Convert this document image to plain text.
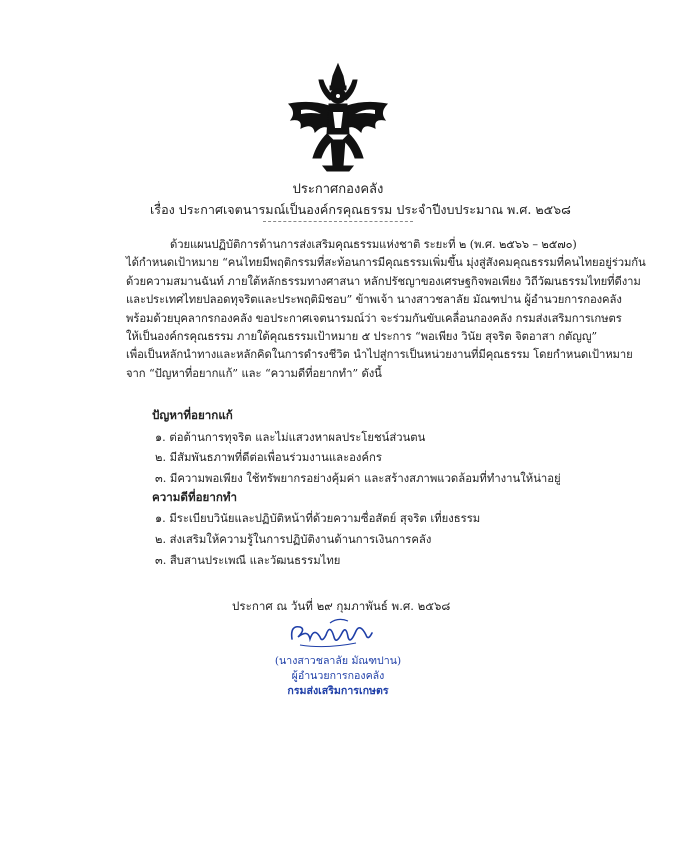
ประกาศกองคลัง
เรื่อง ประกาศเจตนารมณ์เป็นองค์กรคุณธรรม ประจำปีงบประมาณ พ.ศ. ๒๕๖๘
ด้วยแผนปฏิบัติการด้านการส่งเสริมคุณธรรมแห่งชาติ ระยะที่ ๒ (พ.ศ. ๒๕๖๖ – ๒๕๗๐)
ได้กำหนดเป้าหมาย “คนไทยมีพฤติกรรมที่สะท้อนการมีคุณธรรมเพิ่มขึ้น มุ่งสู่สังคมคุณธรรมที่คนไทยอยู่ร่วมกัน
ด้วยความสมานฉันท์ ภายใต้หลักธรรมทางศาสนา หลักปรัชญาของเศรษฐกิจพอเพียง วิถีวัฒนธรรมไทยที่ดีงาม
และประเทศไทยปลอดทุจริตและประพฤติมิชอบ” ข้าพเจ้า นางสาวชลาลัย มัณฑปาน ผู้อำนวยการกองคลัง
พร้อมด้วยบุคลากรกองคลัง ขอประกาศเจตนารมณ์ว่า จะร่วมกันขับเคลื่อนกองคลัง กรมส่งเสริมการเกษตร
ให้เป็นองค์กรคุณธรรม ภายใต้คุณธรรมเป้าหมาย ๕ ประการ “พอเพียง วินัย สุจริต จิตอาสา กตัญญู”
เพื่อเป็นหลักนำทางและหลักคิดในการดำรงชีวิต นำไปสู่การเป็นหน่วยงานที่มีคุณธรรม โดยกำหนดเป้าหมาย
จาก “ปัญหาที่อยากแก้” และ “ความดีที่อยากทำ” ดังนี้
ปัญหาที่อยากแก้
๑. ต่อต้านการทุจริต และไม่แสวงหาผลประโยชน์ส่วนตน
๒. มีสัมพันธภาพที่ดีต่อเพื่อนร่วมงานและองค์กร
๓. มีความพอเพียง ใช้ทรัพยากรอย่างคุ้มค่า และสร้างสภาพแวดล้อมที่ทำงานให้น่าอยู่
ความดีที่อยากทำ
๑. มีระเบียบวินัยและปฏิบัติหน้าที่ด้วยความซื่อสัตย์ สุจริต เที่ยงธรรม
๒. ส่งเสริมให้ความรู้ในการปฏิบัติงานด้านการเงินการคลัง
๓. สืบสานประเพณี และวัฒนธรรมไทย
ประกาศ ณ วันที่ ๒๙ กุมภาพันธ์ พ.ศ. ๒๕๖๘
(นางสาวชลาลัย มัณฑปาน)
ผู้อำนวยการกองคลัง
กรมส่งเสริมการเกษตร
